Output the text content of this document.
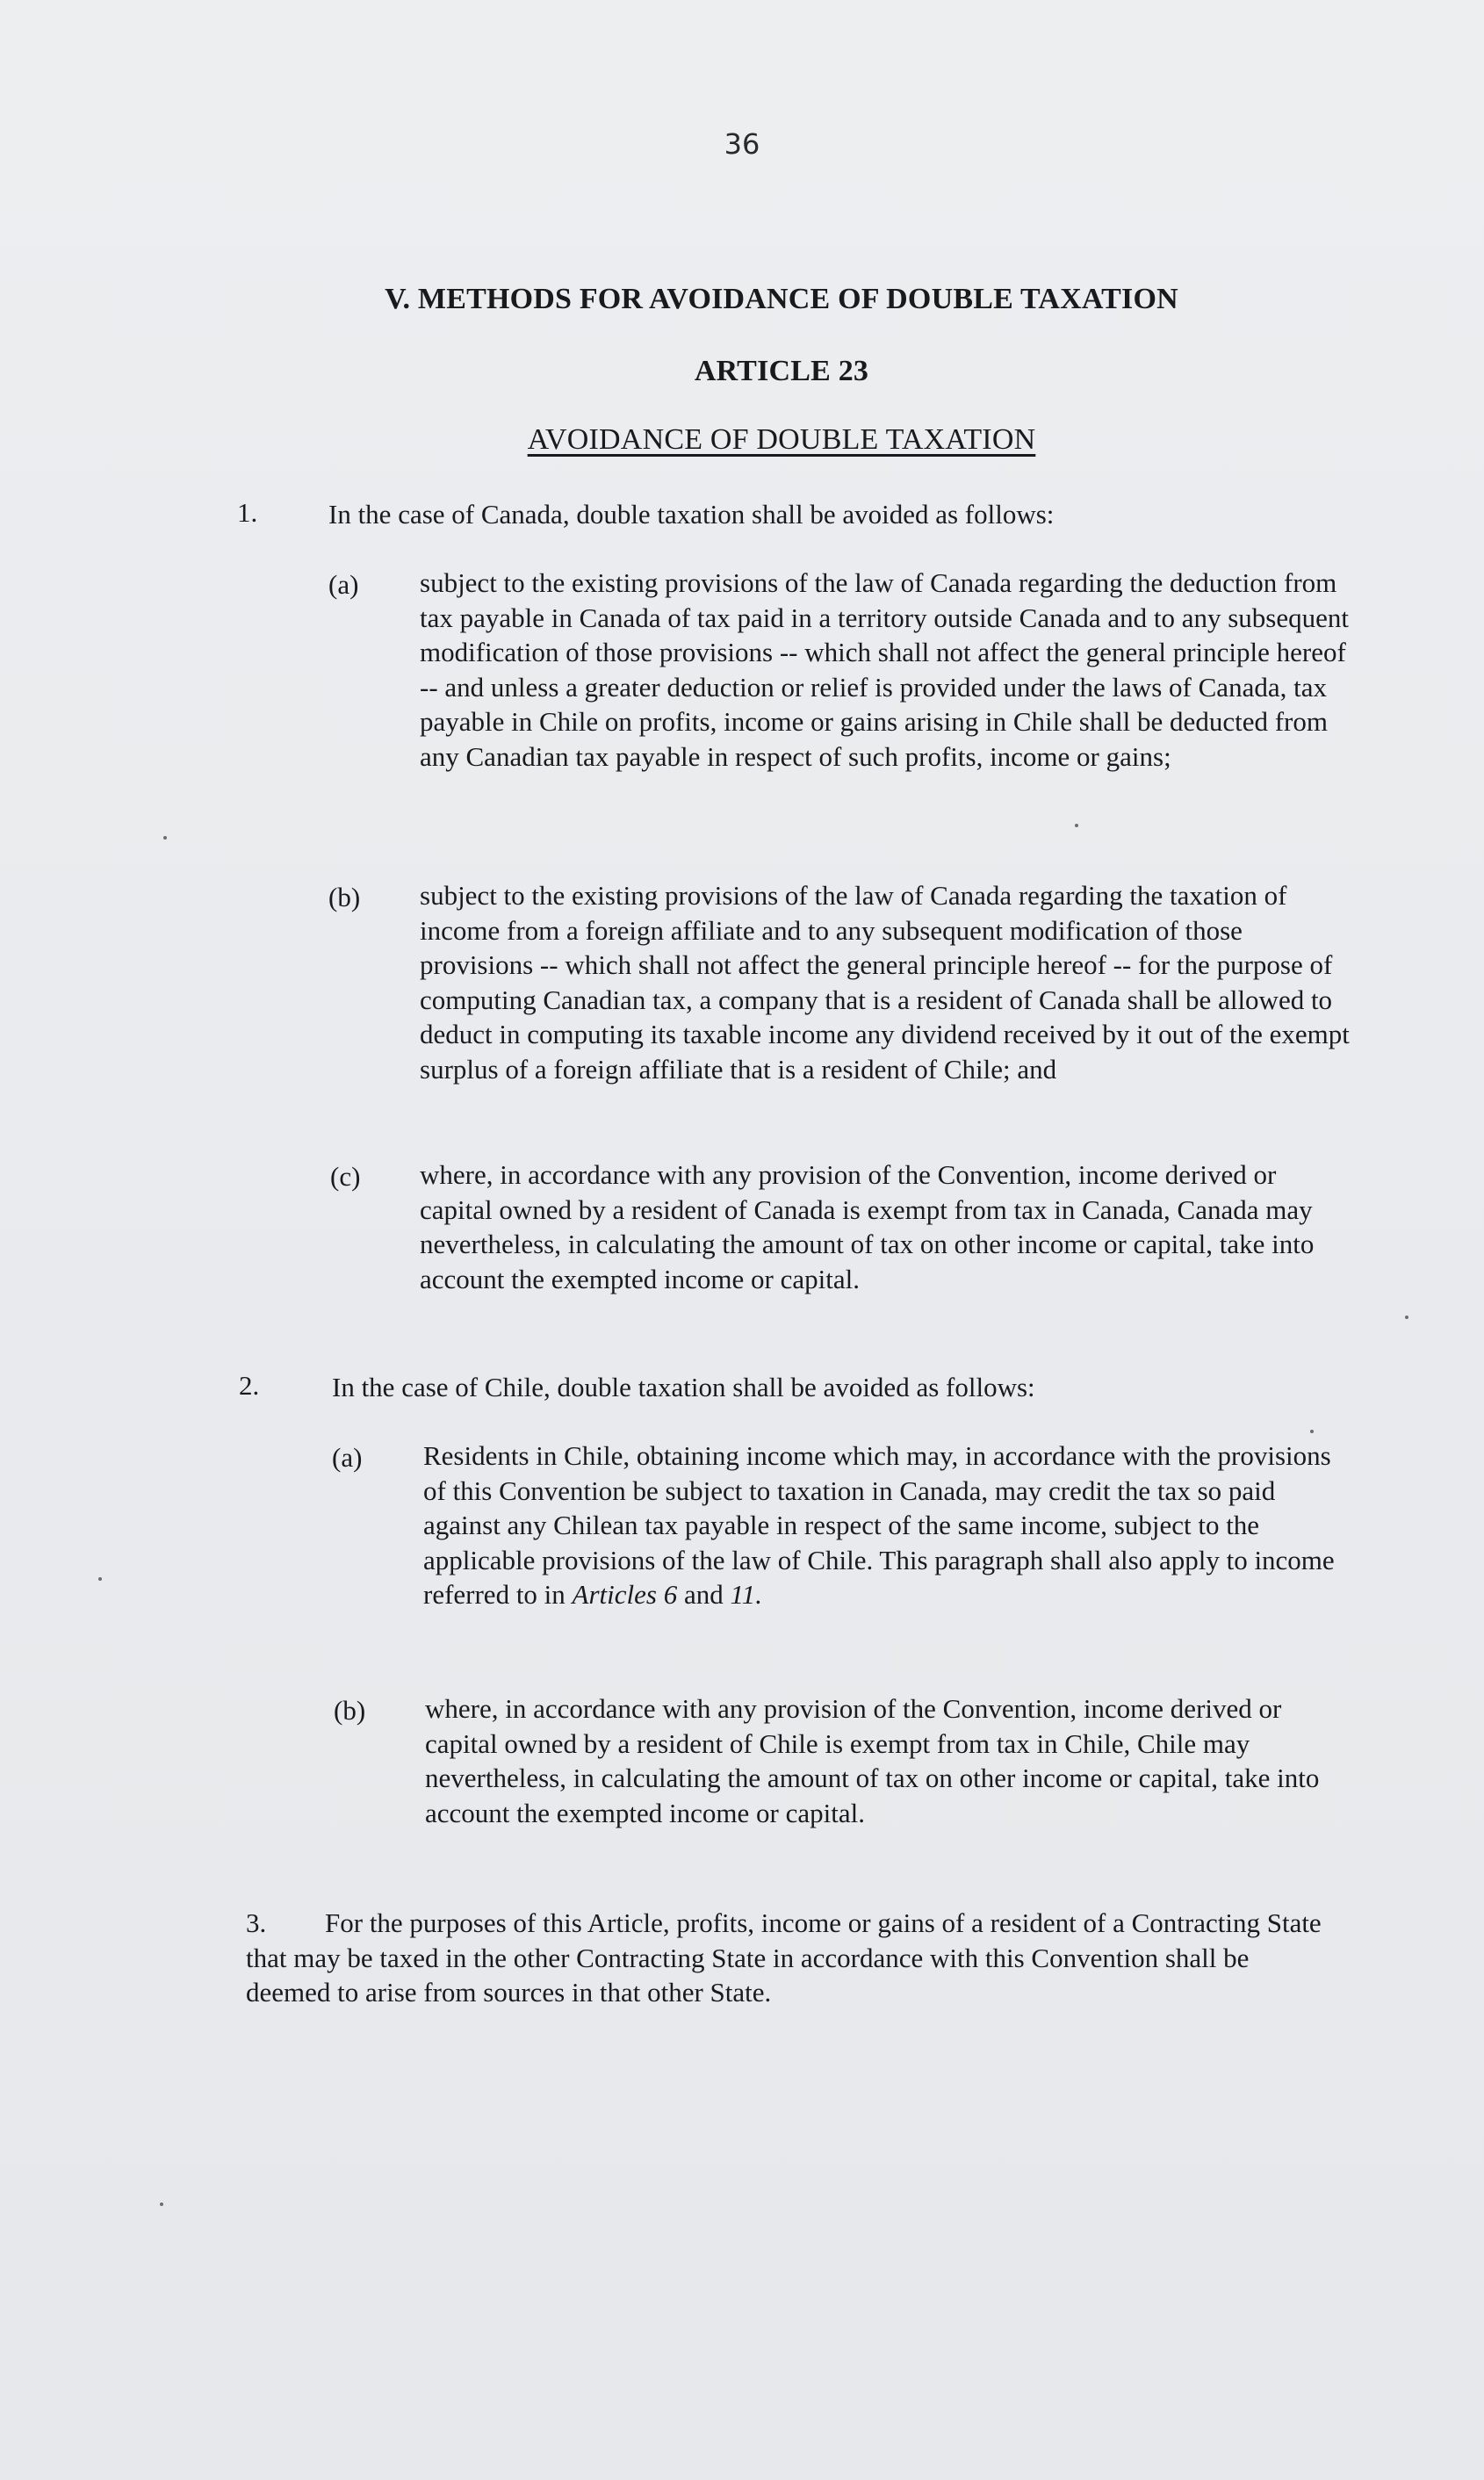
36
V. METHODS FOR AVOIDANCE OF DOUBLE TAXATION
ARTICLE 23
AVOIDANCE OF DOUBLE TAXATION
1.	In the case of Canada, double taxation shall be avoided as follows:
(a) subject to the existing provisions of the law of Canada regarding the deduction from tax payable in Canada of tax paid in a territory outside Canada and to any subsequent modification of those provisions -- which shall not affect the general principle hereof -- and unless a greater deduction or relief is provided under the laws of Canada, tax payable in Chile on profits, income or gains arising in Chile shall be deducted from any Canadian tax payable in respect of such profits, income or gains;
(b) subject to the existing provisions of the law of Canada regarding the taxation of income from a foreign affiliate and to any subsequent modification of those provisions -- which shall not affect the general principle hereof -- for the purpose of computing Canadian tax, a company that is a resident of Canada shall be allowed to deduct in computing its taxable income any dividend received by it out of the exempt surplus of a foreign affiliate that is a resident of Chile; and
(c) where, in accordance with any provision of the Convention, income derived or capital owned by a resident of Canada is exempt from tax in Canada, Canada may nevertheless, in calculating the amount of tax on other income or capital, take into account the exempted income or capital.
2.	In the case of Chile, double taxation shall be avoided as follows:
(a) Residents in Chile, obtaining income which may, in accordance with the provisions of this Convention be subject to taxation in Canada, may credit the tax so paid against any Chilean tax payable in respect of the same income, subject to the applicable provisions of the law of Chile. This paragraph shall also apply to income referred to in Articles 6 and 11.
(b) where, in accordance with any provision of the Convention, income derived or capital owned by a resident of Chile is exempt from tax in Chile, Chile may nevertheless, in calculating the amount of tax on other income or capital, take into account the exempted income or capital.
3. For the purposes of this Article, profits, income or gains of a resident of a Contracting State that may be taxed in the other Contracting State in accordance with this Convention shall be deemed to arise from sources in that other State.
